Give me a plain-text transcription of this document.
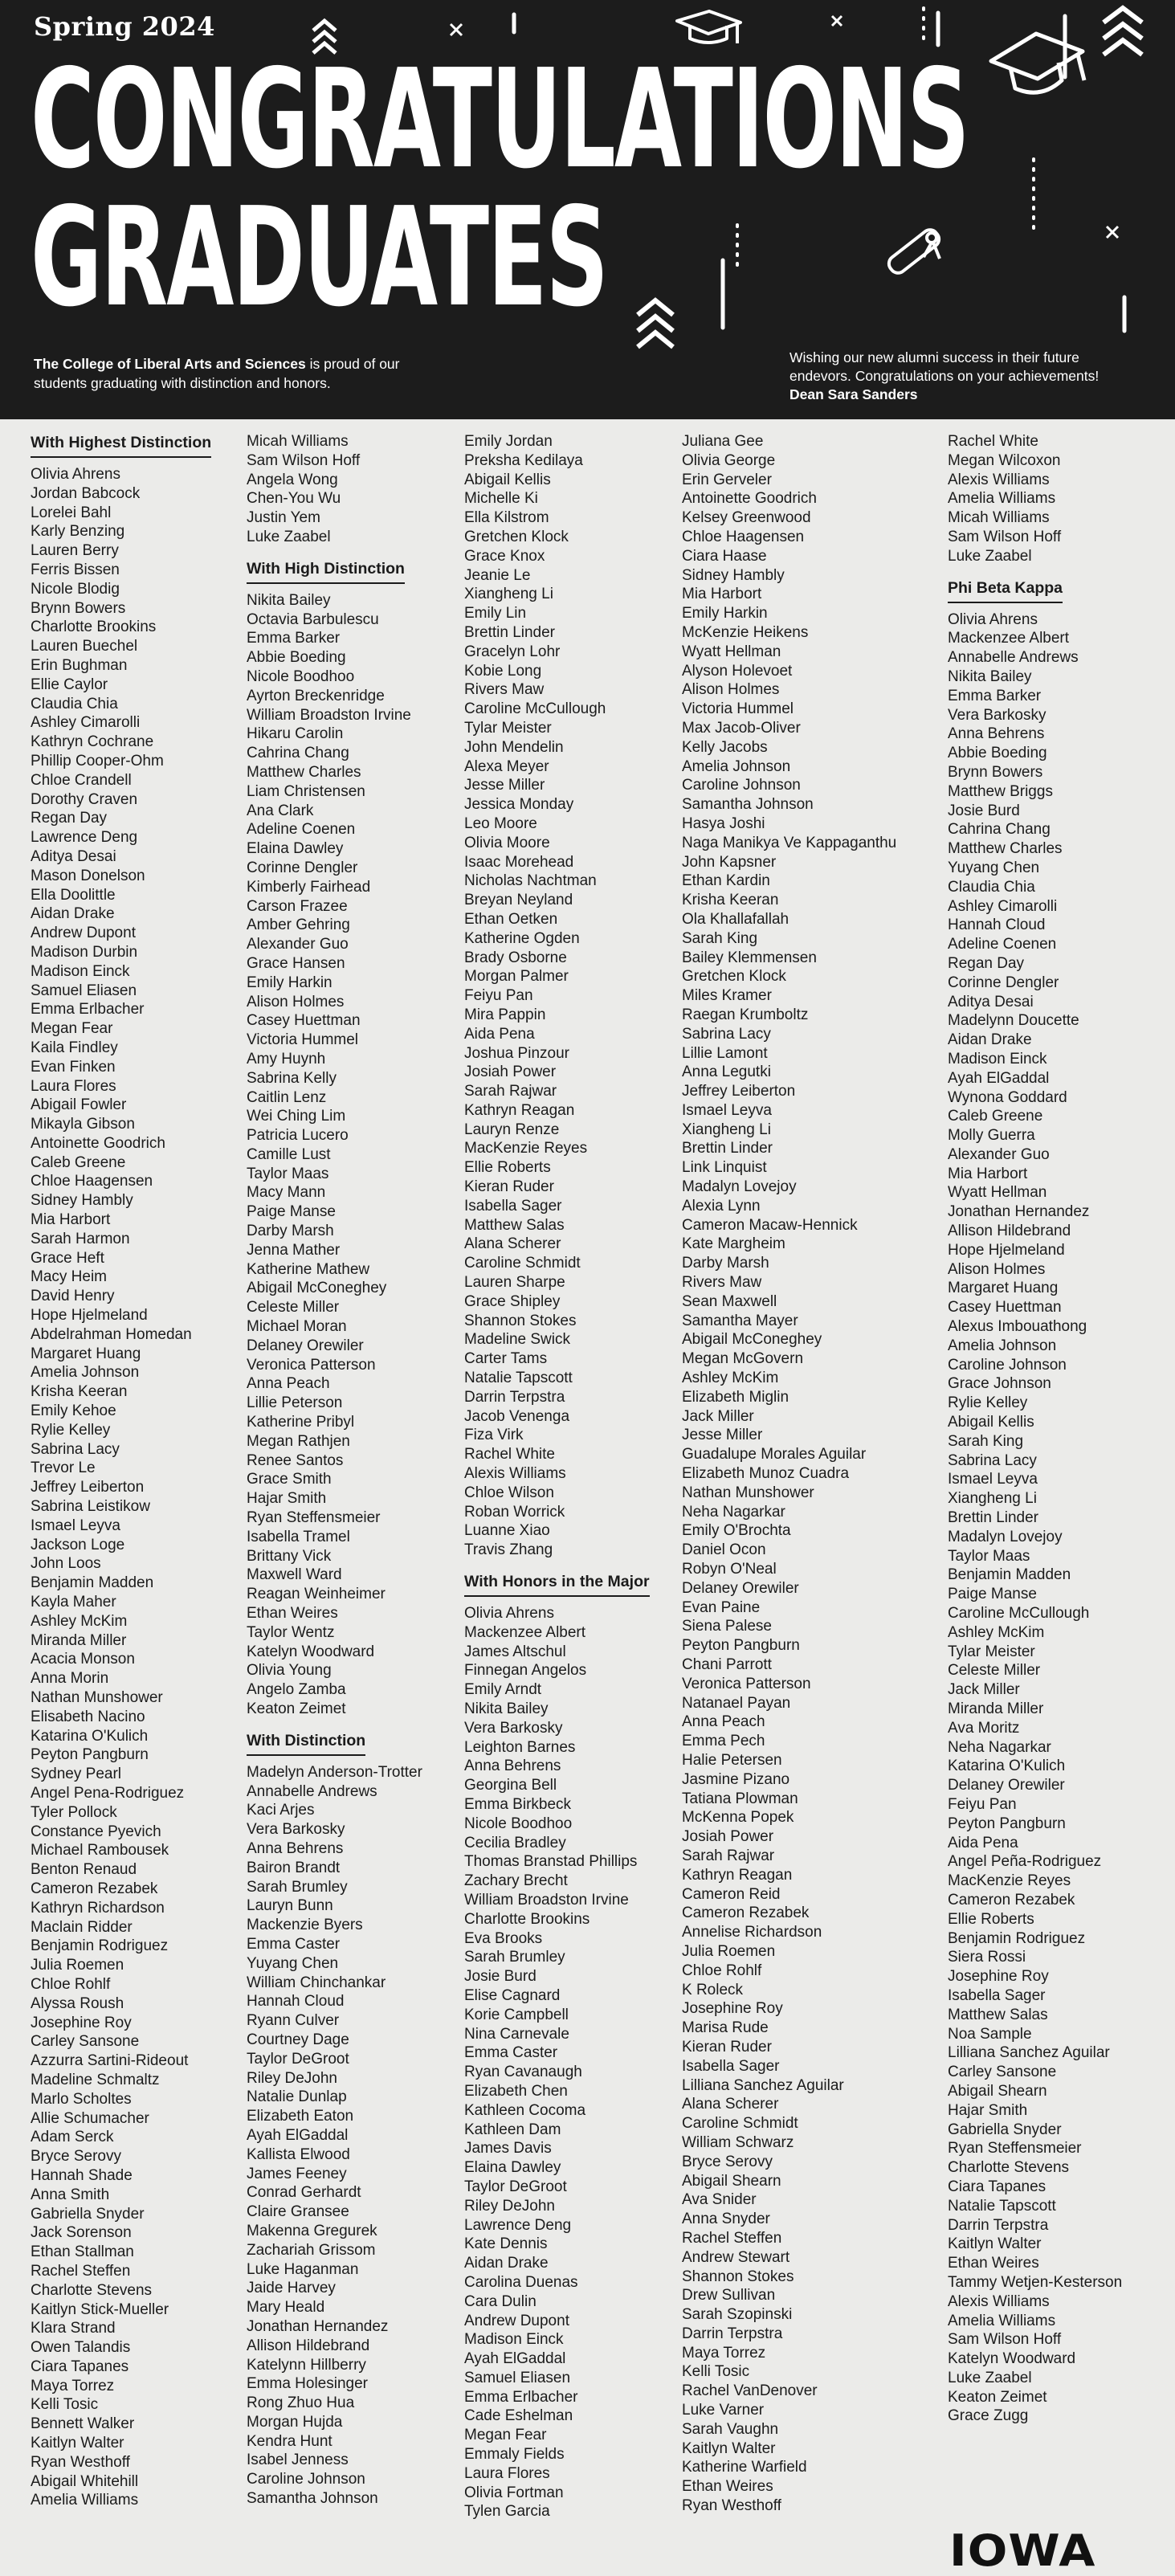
Spring 2024
CONGRATULATIONS
GRADUATES
The College of Liberal Arts and Sciences is proud of our students graduating with distinction and honors.
Wishing our new alumni success in their future endevors. Congratulations on your achievements!
Dean Sara Sanders
With Highest Distinction
Olivia Ahrens
Jordan Babcock
Lorelei Bahl
Karly Benzing
Lauren Berry
Ferris Bissen
Nicole Blodig
Brynn Bowers
Charlotte Brookins
Lauren Buechel
Erin Bughman
Ellie Caylor
Claudia Chia
Ashley Cimarolli
Kathryn Cochrane
Phillip Cooper-Ohm
Chloe Crandell
Dorothy Craven
Regan Day
Lawrence Deng
Aditya Desai
Mason Donelson
Ella Doolittle
Aidan Drake
Andrew Dupont
Madison Durbin
Madison Einck
Samuel Eliasen
Emma Erlbacher
Megan Fear
Kaila Findley
Evan Finken
Laura Flores
Abigail Fowler
Mikayla Gibson
Antoinette Goodrich
Caleb Greene
Chloe Haagensen
Sidney Hambly
Mia Harbort
Sarah Harmon
Grace Heft
Macy Heim
David Henry
Hope Hjelmeland
Abdelrahman Homedan
Margaret Huang
Amelia Johnson
Krisha Keeran
Emily Kehoe
Rylie Kelley
Sabrina Lacy
Trevor Le
Jeffrey Leiberton
Sabrina Leistikow
Ismael Leyva
Jackson Loge
John Loos
Benjamin Madden
Kayla Maher
Ashley McKim
Miranda Miller
Acacia Monson
Anna Morin
Nathan Munshower
Elisabeth Nacino
Katarina O'Kulich
Peyton Pangburn
Sydney Pearl
Angel Pena-Rodriguez
Tyler Pollock
Constance Pyevich
Michael Rambousek
Benton Renaud
Cameron Rezabek
Kathryn Richardson
Maclain Ridder
Benjamin Rodriguez
Julia Roemen
Chloe Rohlf
Alyssa Roush
Josephine Roy
Carley Sansone
Azzurra Sartini-Rideout
Madeline Schmaltz
Marlo Scholtes
Allie Schumacher
Adam Serck
Bryce Serovy
Hannah Shade
Anna Smith
Gabriella Snyder
Jack Sorenson
Ethan Stallman
Rachel Steffen
Charlotte Stevens
Kaitlyn Stick-Mueller
Klara Strand
Owen Talandis
Ciara Tapanes
Maya Torrez
Kelli Tosic
Bennett Walker
Kaitlyn Walter
Ryan Westhoff
Abigail Whitehill
Amelia Williams
Micah Williams
Sam Wilson Hoff
Angela Wong
Chen-You Wu
Justin Yem
Luke Zaabel
With High Distinction
Nikita Bailey
Octavia Barbulescu
Emma Barker
Abbie Boeding
Nicole Boodhoo
Ayrton Breckenridge
William Broadston Irvine
Hikaru Carolin
Cahrina Chang
Matthew Charles
Liam Christensen
Ana Clark
Adeline Coenen
Elaina Dawley
Corinne Dengler
Kimberly Fairhead
Carson Frazee
Amber Gehring
Alexander Guo
Grace Hansen
Emily Harkin
Alison Holmes
Casey Huettman
Victoria Hummel
Amy Huynh
Sabrina Kelly
Caitlin Lenz
Wei Ching Lim
Patricia Lucero
Camille Lust
Taylor Maas
Macy Mann
Paige Manse
Darby Marsh
Jenna Mather
Katherine Mathew
Abigail McConeghey
Celeste Miller
Michael Moran
Delaney Orewiler
Veronica Patterson
Anna Peach
Lillie Peterson
Katherine Pribyl
Megan Rathjen
Renee Santos
Grace Smith
Hajar Smith
Ryan Steffensmeier
Isabella Tramel
Brittany Vick
Maxwell Ward
Reagan Weinheimer
Ethan Weires
Taylor Wentz
Katelyn Woodward
Olivia Young
Angelo Zamba
Keaton Zeimet
With Distinction
Madelyn Anderson-Trotter
Annabelle Andrews
Kaci Arjes
Vera Barkosky
Anna Behrens
Bairon Brandt
Sarah Brumley
Lauryn Bunn
Mackenzie Byers
Emma Caster
Yuyang Chen
William Chinchankar
Hannah Cloud
Ryann Culver
Courtney Dage
Taylor DeGroot
Riley DeJohn
Natalie Dunlap
Elizabeth Eaton
Ayah ElGaddal
Kallista Elwood
James Feeney
Conrad Gerhardt
Claire Gransee
Makenna Gregurek
Zachariah Grissom
Luke Haganman
Jaide Harvey
Mary Heald
Jonathan Hernandez
Allison Hildebrand
Katelynn Hillberry
Emma Holesinger
Rong Zhuo Hua
Morgan Hujda
Kendra Hunt
Isabel Jenness
Caroline Johnson
Samantha Johnson
Emily Jordan
Preksha Kedilaya
Abigail Kellis
Michelle Ki
Ella Kilstrom
Gretchen Klock
Grace Knox
Jeanie Le
Xiangheng Li
Emily Lin
Brettin Linder
Gracelyn Lohr
Kobie Long
Rivers Maw
Caroline McCullough
Tylar Meister
John Mendelin
Alexa Meyer
Jesse Miller
Jessica Monday
Leo Moore
Olivia Moore
Isaac Morehead
Nicholas Nachtman
Breyan Neyland
Ethan Oetken
Katherine Ogden
Brady Osborne
Morgan Palmer
Feiyu Pan
Mira Pappin
Aida Pena
Joshua Pinzour
Josiah Power
Sarah Rajwar
Kathryn Reagan
Lauryn Renze
MacKenzie Reyes
Ellie Roberts
Kieran Ruder
Isabella Sager
Matthew Salas
Alana Scherer
Caroline Schmidt
Lauren Sharpe
Grace Shipley
Shannon Stokes
Madeline Swick
Carter Tams
Natalie Tapscott
Darrin Terpstra
Jacob Venenga
Fiza Virk
Rachel White
Alexis Williams
Chloe Wilson
Roban Worrick
Luanne Xiao
Travis Zhang
With Honors in the Major
Olivia Ahrens
Mackenzee Albert
James Altschul
Finnegan Angelos
Emily Arndt
Nikita Bailey
Vera Barkosky
Leighton Barnes
Anna Behrens
Georgina Bell
Emma Birkbeck
Nicole Boodhoo
Cecilia Bradley
Thomas Branstad Phillips
Zachary Brecht
William Broadston Irvine
Charlotte Brookins
Eva Brooks
Sarah Brumley
Josie Burd
Elise Cagnard
Korie Campbell
Nina Carnevale
Emma Caster
Ryan Cavanaugh
Elizabeth Chen
Kathleen Cocoma
Kathleen Dam
James Davis
Elaina Dawley
Taylor DeGroot
Riley DeJohn
Lawrence Deng
Kate Dennis
Aidan Drake
Carolina Duenas
Cara Dulin
Andrew Dupont
Madison Einck
Ayah ElGaddal
Samuel Eliasen
Emma Erlbacher
Cade Eshelman
Megan Fear
Emmaly Fields
Laura Flores
Olivia Fortman
Tylen Garcia
Juliana Gee
Olivia George
Erin Gerveler
Antoinette Goodrich
Kelsey Greenwood
Chloe Haagensen
Ciara Haase
Sidney Hambly
Mia Harbort
Emily Harkin
McKenzie Heikens
Wyatt Hellman
Alyson Holevoet
Alison Holmes
Victoria Hummel
Max Jacob-Oliver
Kelly Jacobs
Amelia Johnson
Caroline Johnson
Samantha Johnson
Hasya Joshi
Naga Manikya Ve Kappaganthu
John Kapsner
Ethan Kardin
Krisha Keeran
Ola Khallafallah
Sarah King
Bailey Klemmensen
Gretchen Klock
Miles Kramer
Raegan Krumboltz
Sabrina Lacy
Lillie Lamont
Anna Legutki
Jeffrey Leiberton
Ismael Leyva
Xiangheng Li
Brettin Linder
Link Linquist
Madalyn Lovejoy
Alexia Lynn
Cameron Macaw-Hennick
Kate Margheim
Darby Marsh
Rivers Maw
Sean Maxwell
Samantha Mayer
Abigail McConeghey
Megan McGovern
Ashley McKim
Elizabeth Miglin
Jack Miller
Jesse Miller
Guadalupe Morales Aguilar
Elizabeth Munoz Cuadra
Nathan Munshower
Neha Nagarkar
Emily O'Brochta
Daniel Ocon
Robyn O'Neal
Delaney Orewiler
Evan Paine
Siena Palese
Peyton Pangburn
Chani Parrott
Veronica Patterson
Natanael Payan
Anna Peach
Emma Pech
Halie Petersen
Jasmine Pizano
Tatiana Plowman
McKenna Popek
Josiah Power
Sarah Rajwar
Kathryn Reagan
Cameron Reid
Cameron Rezabek
Annelise Richardson
Julia Roemen
Chloe Rohlf
K Roleck
Josephine Roy
Marisa Rude
Kieran Ruder
Isabella Sager
Lilliana Sanchez Aguilar
Alana Scherer
Caroline Schmidt
William Schwarz
Bryce Serovy
Abigail Shearn
Ava Snider
Anna Snyder
Rachel Steffen
Andrew Stewart
Shannon Stokes
Drew Sullivan
Sarah Szopinski
Darrin Terpstra
Maya Torrez
Kelli Tosic
Rachel VanDenover
Luke Varner
Sarah Vaughn
Kaitlyn Walter
Katherine Warfield
Ethan Weires
Ryan Westhoff
Rachel White
Megan Wilcoxon
Alexis Williams
Amelia Williams
Micah Williams
Sam Wilson Hoff
Luke Zaabel
Phi Beta Kappa
Olivia Ahrens
Mackenzee Albert
Annabelle Andrews
Nikita Bailey
Emma Barker
Vera Barkosky
Anna Behrens
Abbie Boeding
Brynn Bowers
Matthew Briggs
Josie Burd
Cahrina Chang
Matthew Charles
Yuyang Chen
Claudia Chia
Ashley Cimarolli
Hannah Cloud
Adeline Coenen
Regan Day
Corinne Dengler
Aditya Desai
Madelynn Doucette
Aidan Drake
Madison Einck
Ayah ElGaddal
Wynona Goddard
Caleb Greene
Molly Guerra
Alexander Guo
Mia Harbort
Wyatt Hellman
Jonathan Hernandez
Allison Hildebrand
Hope Hjelmeland
Alison Holmes
Margaret Huang
Casey Huettman
Alexus Imbouathong
Amelia Johnson
Caroline Johnson
Grace Johnson
Rylie Kelley
Abigail Kellis
Sarah King
Sabrina Lacy
Ismael Leyva
Xiangheng Li
Brettin Linder
Madalyn Lovejoy
Taylor Maas
Benjamin Madden
Paige Manse
Caroline McCullough
Ashley McKim
Tylar Meister
Celeste Miller
Jack Miller
Miranda Miller
Ava Moritz
Neha Nagarkar
Katarina O'Kulich
Delaney Orewiler
Feiyu Pan
Peyton Pangburn
Aida Pena
Angel Peña-Rodriguez
MacKenzie Reyes
Cameron Rezabek
Ellie Roberts
Benjamin Rodriguez
Siera Rossi
Josephine Roy
Isabella Sager
Matthew Salas
Noa Sample
Lilliana Sanchez Aguilar
Carley Sansone
Abigail Shearn
Hajar Smith
Gabriella Snyder
Ryan Steffensmeier
Charlotte Stevens
Ciara Tapanes
Natalie Tapscott
Darrin Terpstra
Kaitlyn Walter
Ethan Weires
Tammy Wetjen-Kesterson
Alexis Williams
Amelia Williams
Sam Wilson Hoff
Katelyn Woodward
Luke Zaabel
Keaton Zeimet
Grace Zugg
IOWA
